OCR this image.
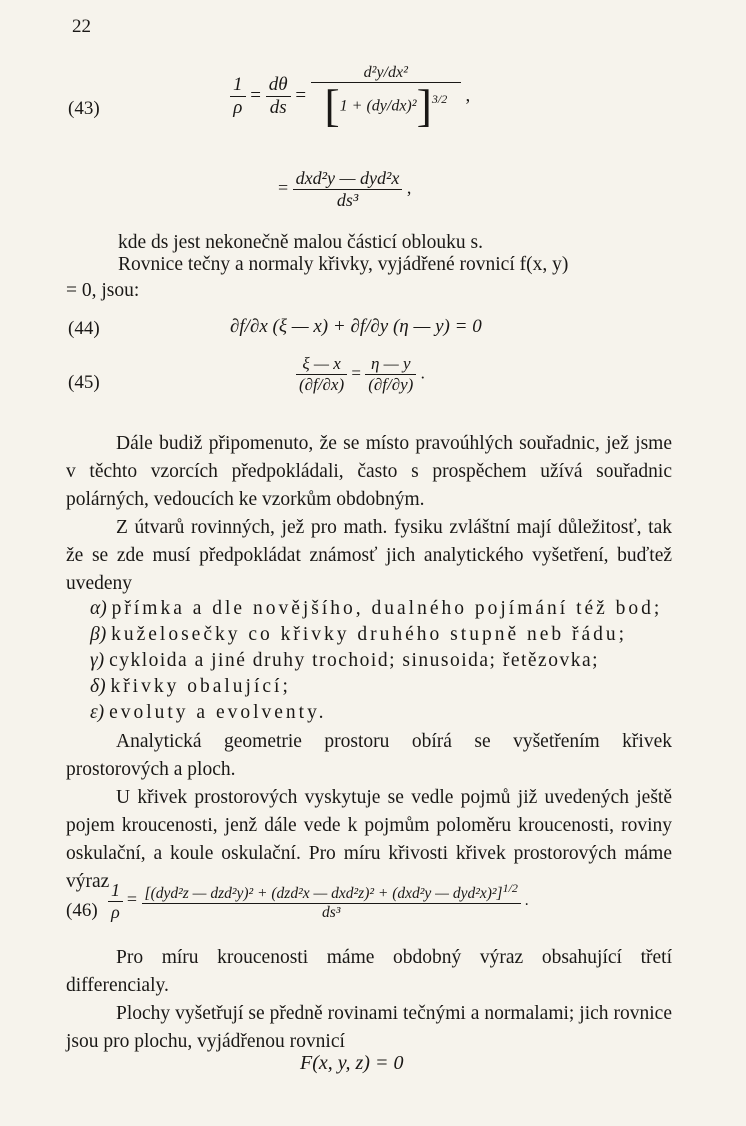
22
(43)	$\frac{1}{\rho} = \frac{d\theta}{ds} = \frac{\text{d²y/dx²}}{[1 + (dy/dx)^2]^{3/2}}$ ,
= $\frac{\text{dxd²y — dyd²x}}{\text{ds³}}$ ,
kde ds jest nekonečně malou částicí oblouku s.
Rovnice tečny a normaly křivky, vyjádřené rovnicí f(x, y)
= 0, jsou:
(44)	∂f/∂x (ξ — x) + ∂f/∂y (η — y) = 0
(45)	$\frac{\xi — x}{(\partial f/\partial x)} = \frac{\eta — y}{(\partial f/\partial y)}$ .
Dále budiž připomenuto, že se místo pravoúhlých souřadnic, jež jsme v těchto vzorcích předpokládali, často s prospěchem užívá souřadnic polárných, vedoucích ke vzorkům obdobným.
Z útvarů rovinných, jež pro math. fysiku zvláštní mají důležitosť, tak že se zde musí předpokládat známosť jich analytického vyšetření, buďtež uvedeny
α) přímka a dle novějšího, dualného pojímání též bod;
β) kuželosečky co křivky druhého stupně neb řádu;
γ) cykloida a jiné druhy trochoid; sinusoida; řetězovka;
δ) křivky obalující;
ε) evoluty a evolventy.
Analytická geometrie prostoru obírá se vyšetřením křivek prostorových a ploch.
U křivek prostorových vyskytuje se vedle pojmů již uvedených ještě pojem kroucenosti, jenž dále vede k pojmům poloměru kroucenosti, roviny oskulační, a koule oskulační. Pro míru křivosti křivek prostorových máme výraz
$(46) \frac{1}{\rho} = \frac{[(dyd^2z — dzd^2y)^2 + (dzd^2x — dxd^2z)^2 + (dxd^2y — dyd^2x)^2]^{1/2}}{\text{ds³}}$ .
Pro míru kroucenosti máme obdobný výraz obsahující třetí differencialy.
Plochy vyšetřují se předně rovinami tečnými a normalami; jich rovnice jsou pro plochu, vyjádřenou rovnicí
F(x, y, z) = 0
